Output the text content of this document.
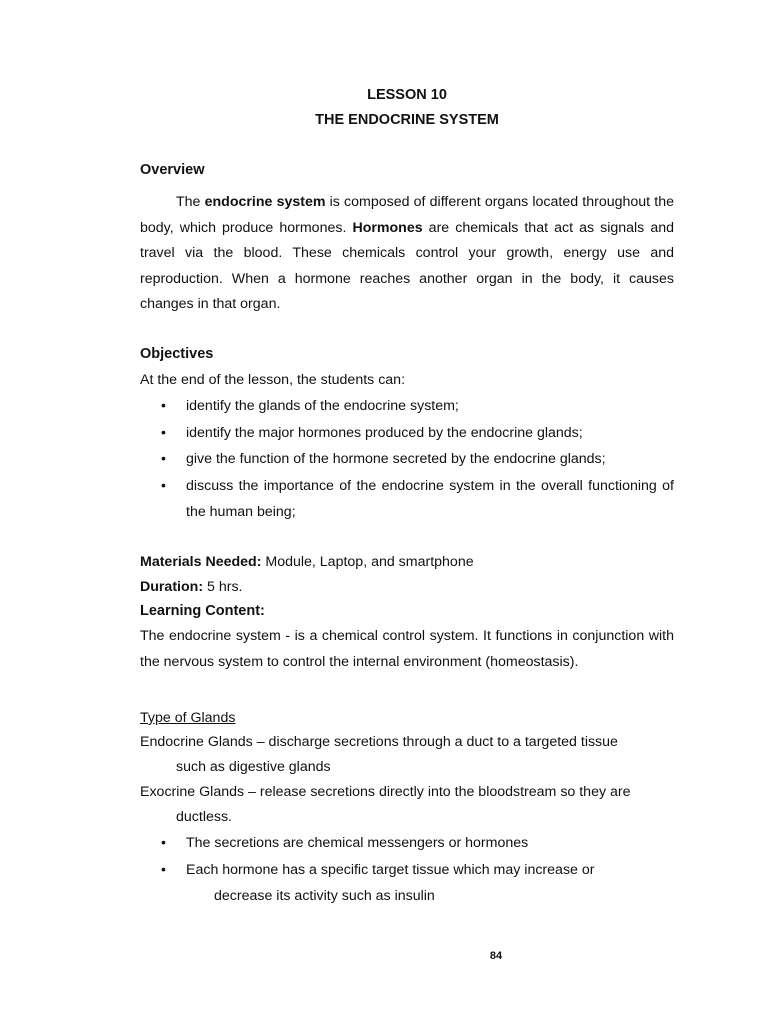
LESSON 10
THE ENDOCRINE SYSTEM
Overview
The endocrine system is composed of different organs located throughout the body, which produce hormones. Hormones are chemicals that act as signals and travel via the blood. These chemicals control your growth, energy use and reproduction. When a hormone reaches another organ in the body, it causes changes in that organ.
Objectives
At the end of the lesson, the students can:
• identify the glands of the endocrine system;
• identify the major hormones produced by the endocrine glands;
• give the function of the hormone secreted by the endocrine glands;
• discuss the importance of the endocrine system in the overall functioning of the human being;
Materials Needed: Module, Laptop, and smartphone
Duration: 5 hrs.
Learning Content:
The endocrine system - is a chemical control system. It functions in conjunction with the nervous system to control the internal environment (homeostasis).
Type of Glands
Endocrine Glands – discharge secretions through a duct to a targeted tissue
such as digestive glands
Exocrine Glands – release secretions directly into the bloodstream so they are
ductless.
• The secretions are chemical messengers or hormones
• Each hormone has a specific target tissue which may increase or
decrease its activity such as insulin
84
